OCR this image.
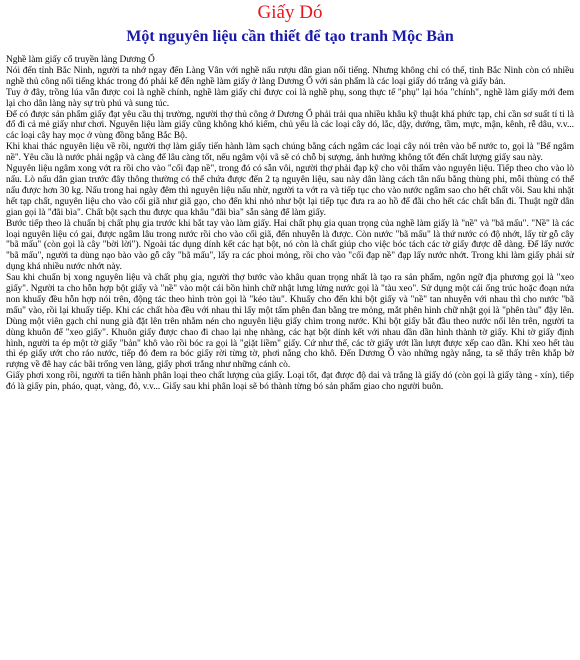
Giấy Dó
Một nguyên liệu cần thiết để tạo tranh Mộc Bản

Nghề làm giấy cổ truyền làng Dương Ổ

Nói đến tỉnh Bắc Ninh, người ta nhớ ngay đến Làng Vân với nghề nấu rượu dân gian nổi tiếng. Nhưng không chỉ có thế, tỉnh Bắc Ninh còn có nhiều nghề thủ công nổi tiếng khác trong đó phải kể đến nghề làm giấy ở làng Dương Ổ với sản phẩm là các loại giấy dó trắng và giấy bản.

Tuy ở đây, trồng lúa vẫn được coi là nghề chính, nghề làm giấy chỉ được coi là nghề phụ, song thực tế "phụ" lại hóa "chính", nghề làm giấy mới đem lại cho dân làng này sự trù phú và sung túc.

Để có được sản phẩm giấy đạt yêu cầu thị trường, người thợ thủ công ở Dương Ổ phải trải qua nhiều khâu kỹ thuật khá phức tạp, chỉ cần sơ suất tí ti là đổ đi cả mẻ giấy như chơi. Nguyên liệu làm giấy cũng không khó kiếm, chủ yếu là các loại cây dó, lắc, dậy, dướng, tầm, mực, mận, kênh, rễ dâu, v.v... các loại cây hay mọc ở vùng đồng bằng Bắc Bộ.

Khi khai thác nguyên liệu về rồi, người thợ làm giấy tiến hành làm sạch chúng bằng cách ngâm các loại cây nói trên vào bể nước to, gọi là "Bể ngâm nề". Yêu cầu là nước phải ngập và càng để lâu càng tốt, nếu ngâm vội vã sẽ có chỗ bị sượng, ảnh hưởng không tốt đến chất lượng giấy sau này.

Nguyên liệu ngâm xong vớt ra rồi cho vào "cối đạp nề", trong đó có sẵn vôi, người thợ phải đạp kỹ cho vôi thấm vào nguyên liệu. Tiếp theo cho vào lò nấu. Lò nấu dân gian trước đây thông thường có thể chứa được đến 2 tạ nguyên liệu, sau này dân làng cách tân nấu bằng thùng phi, mỗi thùng có thể nấu được hơn 30 kg. Nấu trong hai ngày đêm thì nguyên liệu nấu nhừ, người ta vớt ra và tiếp tục cho vào nước ngâm sao cho hết chất vôi. Sau khi nhặt hết tạp chất, nguyên liệu cho vào cối giã như giã gạo, cho đến khi nhỏ như bột lại tiếp tục đưa ra ao hồ để đãi cho hết các chất bẩn đi. Thuật ngữ dân gian gọi là "đãi bìa". Chất bột sạch thu được qua khâu "đãi bìa" sẵn sàng để làm giấy.

Bước tiếp theo là chuẩn bị chất phụ gia trước khi bắt tay vào làm giấy. Hai chất phụ gia quan trọng của nghề làm giấy là "nề" và "bã mấu". "Nề" là các loại nguyên liệu có gai, được ngâm lâu trong nước rồi cho vào cối giã, đến nhuyễn là được. Còn nước "bã mấu" là thứ nước có độ nhớt, lấy từ gỗ cây "bã mấu" (còn gọi là cây "bời lời"). Ngoài tác dụng dính kết các hạt bột, nó còn là chất giúp cho việc bóc tách các tờ giấy được dễ dàng. Để lấy nước "bã mấu", người ta dùng nạo bào vào gỗ cây "bã mấu", lấy ra các phoi mỏng, rồi cho vào "cối đạp nề" đạp lấy nước nhớt. Trong khi làm giấy phải sử dụng khá nhiều nước nhớt này.

Sau khi chuẩn bị xong nguyên liệu và chất phụ gia, người thợ bước vào khâu quan trọng nhất là tạo ra sản phẩm, ngôn ngữ địa phương gọi là "xeo giấy". Người ta cho hỗn hợp bột giấy và "nề" vào một cái bồn hình chữ nhật lưng lửng nước gọi là "tàu xeo". Sử dụng một cái ống trúc hoặc đoạn nứa non khuấy đều hỗn hợp nói trên, động tác theo hình tròn gọi là "kéo tàu". Khuấy cho đến khi bột giấy và "nề" tan nhuyễn với nhau thì cho nước "bã mấu" vào, rồi lại khuấy tiếp. Khi các chất hòa đều với nhau thì lấy một tấm phên đan bằng tre mỏng, mắt phên hình chữ nhật gọi là "phên tàu" đậy lên. Dùng một viên gạch chỉ nung già đặt lên trên nhằm nén cho nguyên liệu giấy chìm trong nước. Khi bột giấy bắt đầu theo nước nổi lên trên, người ta dùng khuôn để "xeo giấy". Khuôn giấy được chao đi chao lại nhẹ nhàng, các hạt bột dính kết với nhau dần dần hình thành tờ giấy. Khi tờ giấy định hình, người ta ép một tờ giấy "bản" khô vào rồi bóc ra gọi là "giặt liềm" giấy. Cứ như thế, các tờ giấy ướt lần lượt được xếp cao dần. Khi xeo hết tàu thì ép giấy ướt cho ráo nước, tiếp đó đem ra bóc giấy rời từng tờ, phơi nắng cho khô. Đến Dương Ổ vào những ngày nắng, ta sẽ thấy trên khắp bờ rượng về đê hay các bãi trống ven làng, giấy phơi trắng như những cánh cò.

Giấy phơi xong rồi, người ta tiến hành phân loại theo chất lượng của giấy. Loại tốt, đạt được độ dai và trắng là giấy dó (còn gọi là giấy tàng - xín), tiếp đó là giấy pin, pháo, quạt, vàng, đỏ, v.v... Giấy sau khi phân loại sẽ bó thành từng bó sản phẩm giao cho người buôn.
